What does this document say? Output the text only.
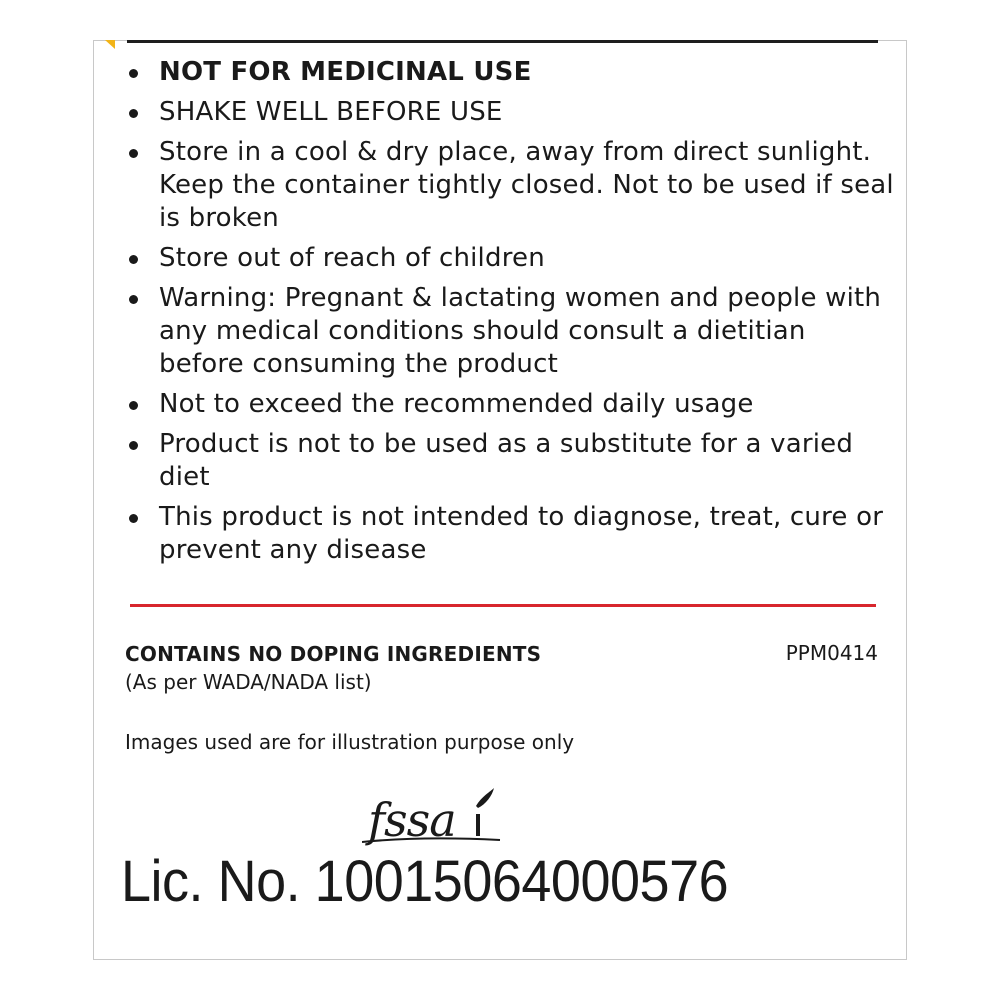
NOT FOR MEDICINAL USE
SHAKE WELL BEFORE USE
Store in a cool & dry place, away from direct sunlight. Keep the container tightly closed. Not to be used if seal is broken
Store out of reach of children
Warning: Pregnant & lactating women and people with any medical conditions should consult a dietitian before consuming the product
Not to exceed the recommended daily usage
Product is not to be used as a substitute for a varied diet
This product is not intended to diagnose, treat, cure or prevent any disease
CONTAINS NO DOPING INGREDIENTS
(As per WADA/NADA list)
PPM0414
Images used are for illustration purpose only
fssa
Lic. No. 10015064000576
